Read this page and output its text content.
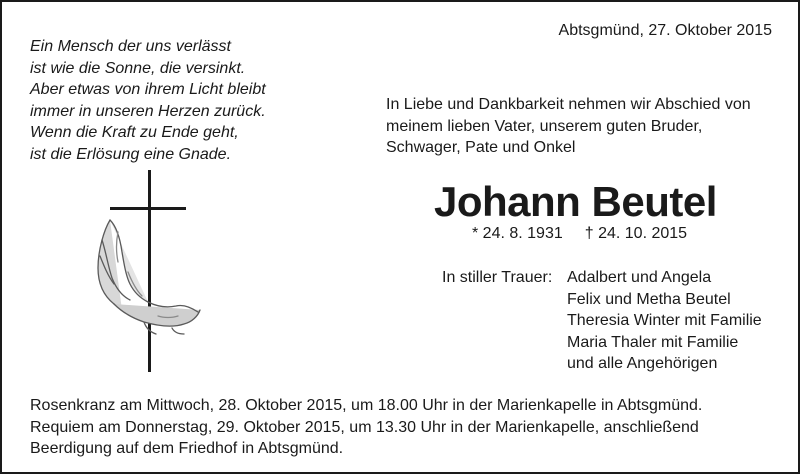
Abtsgmünd, 27. Oktober 2015
Ein Mensch der uns verlässt
ist wie die Sonne, die versinkt.
Aber etwas von ihrem Licht bleibt
immer in unseren Herzen zurück.
Wenn die Kraft zu Ende geht,
ist die Erlösung eine Gnade.
In Liebe und Dankbarkeit nehmen wir Abschied von
meinem lieben Vater, unserem guten Bruder,
Schwager, Pate und Onkel
Johann Beutel
* 24. 8. 1931 † 24. 10. 2015
In stiller Trauer: Adalbert und Angela
Felix und Metha Beutel
Theresia Winter mit Familie
Maria Thaler mit Familie
und alle Angehörigen
Rosenkranz am Mittwoch, 28. Oktober 2015, um 18.00 Uhr in der Marienkapelle in Abtsgmünd.
Requiem am Donnerstag, 29. Oktober 2015, um 13.30 Uhr in der Marienkapelle, anschließend
Beerdigung auf dem Friedhof in Abtsgmünd.
